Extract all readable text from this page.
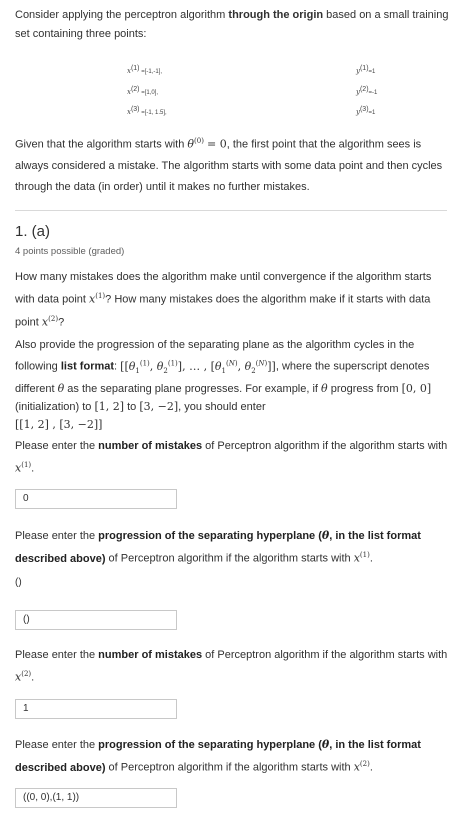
Consider applying the perceptron algorithm through the origin based on a small training set containing three points:
$x^{(1)} =[-1,-1]$,
$x^{(2)} =[1,0]$,
$x^{(3)} =[-1$, 1.5],
$y^{(1)}=1$
$y^{(2)}=-1$
$y^{(3)}=1$
Given that the algorithm starts with $\theta^{(0)} = 0$, the first point that the algorithm sees is always considered a mistake. The algorithm starts with some data point and then cycles through the data (in order) until it makes no further mistakes.
1. (a)
4 points possible (graded)
How many mistakes does the algorithm make until convergence if the algorithm starts with data point $x^{(1)}$? How many mistakes does the algorithm make if it starts with data point $x^{(2)}$?
Also provide the progression of the separating plane as the algorithm cycles in the following list format: [[$\theta_1^{(1)}$, $\theta_2^{(1)}$], … , [$\theta_1^{(N)}$, $\theta_2^{(N)}$]], where the superscript denotes different θ as the separating plane progresses. For example, if θ progress from [0, 0] (initialization) to [1, 2] to [3, −2], you should enter
[[1, 2] , [3, −2]]
Please enter the number of mistakes of Perceptron algorithm if the algorithm starts with $x^{(1)}$.
0
Please enter the progression of the separating hyperplane (θ, in the list format described above) of Perceptron algorithm if the algorithm starts with $x^{(1)}$.
()
()
Please enter the number of mistakes of Perceptron algorithm if the algorithm starts with $x^{(2)}$.
1
Please enter the progression of the separating hyperplane (θ, in the list format described above) of Perceptron algorithm if the algorithm starts with $x^{(2)}$.
((0, 0),(1, 1))
